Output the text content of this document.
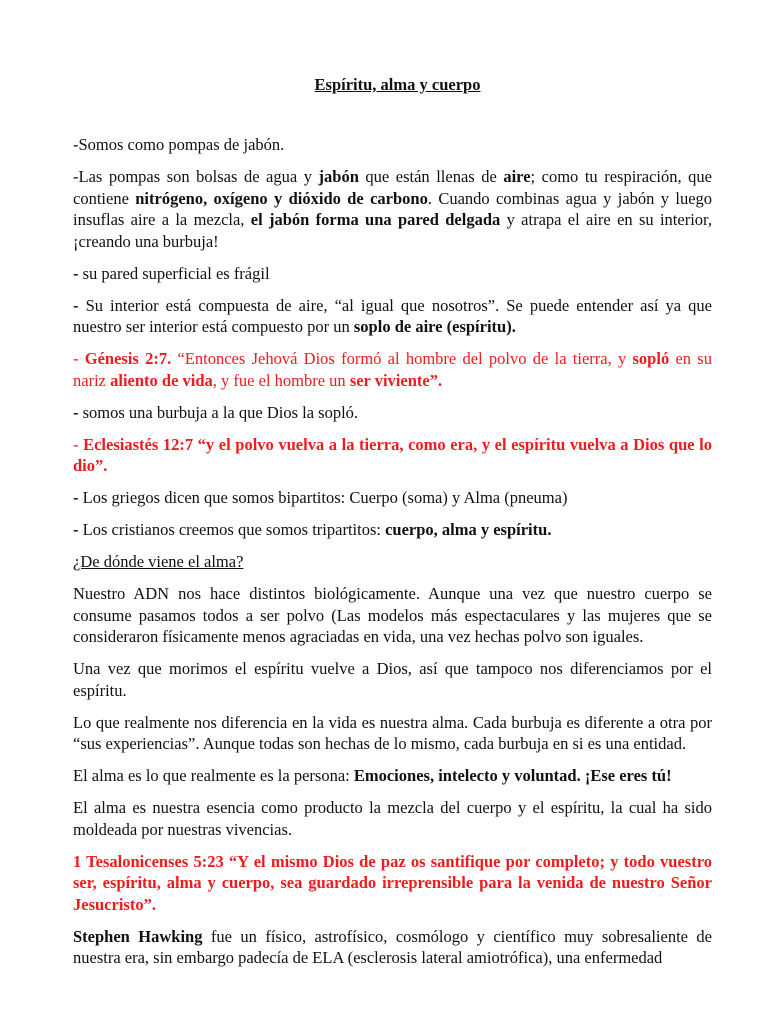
Espíritu, alma y cuerpo

-Somos como pompas de jabón.

-Las pompas son bolsas de agua y jabón que están llenas de aire; como tu respiración, que contiene nitrógeno, oxígeno y dióxido de carbono. Cuando combinas agua y jabón y luego insuflas aire a la mezcla, el jabón forma una pared delgada y atrapa el aire en su interior, ¡creando una burbuja!

- su pared superficial es frágil

- Su interior está compuesta de aire, “al igual que nosotros”. Se puede entender así ya que nuestro ser interior está compuesto por un soplo de aire (espíritu).

- Génesis 2:7. “Entonces Jehová Dios formó al hombre del polvo de la tierra, y sopló en su nariz aliento de vida, y fue el hombre un ser viviente”.

- somos una burbuja a la que Dios la sopló.

- Eclesiastés 12:7 “y el polvo vuelva a la tierra, como era, y el espíritu vuelva a Dios que lo dio”.

- Los griegos dicen que somos bipartitos: Cuerpo (soma) y Alma (pneuma)

- Los cristianos creemos que somos tripartitos: cuerpo, alma y espíritu.

¿De dónde viene el alma?

Nuestro ADN nos hace distintos biológicamente. Aunque una vez que nuestro cuerpo se consume pasamos todos a ser polvo (Las modelos más espectaculares y las mujeres que se consideraron físicamente menos agraciadas en vida, una vez hechas polvo son iguales.

Una vez que morimos el espíritu vuelve a Dios, así que tampoco nos diferenciamos por el espíritu.

Lo que realmente nos diferencia en la vida es nuestra alma. Cada burbuja es diferente a otra por “sus experiencias”. Aunque todas son hechas de lo mismo, cada burbuja en si es una entidad.

El alma es lo que realmente es la persona: Emociones, intelecto y voluntad. ¡Ese eres tú!

El alma es nuestra esencia como producto la mezcla del cuerpo y el espíritu, la cual ha sido moldeada por nuestras vivencias.

1 Tesalonicenses 5:23 “Y el mismo Dios de paz os santifique por completo; y todo vuestro ser, espíritu, alma y cuerpo, sea guardado irreprensible para la venida de nuestro Señor Jesucristo”.

Stephen Hawking fue un físico, astrofísico, cosmólogo y científico muy sobresaliente de nuestra era, sin embargo padecía de ELA (esclerosis lateral amiotrófica), una enfermedad
